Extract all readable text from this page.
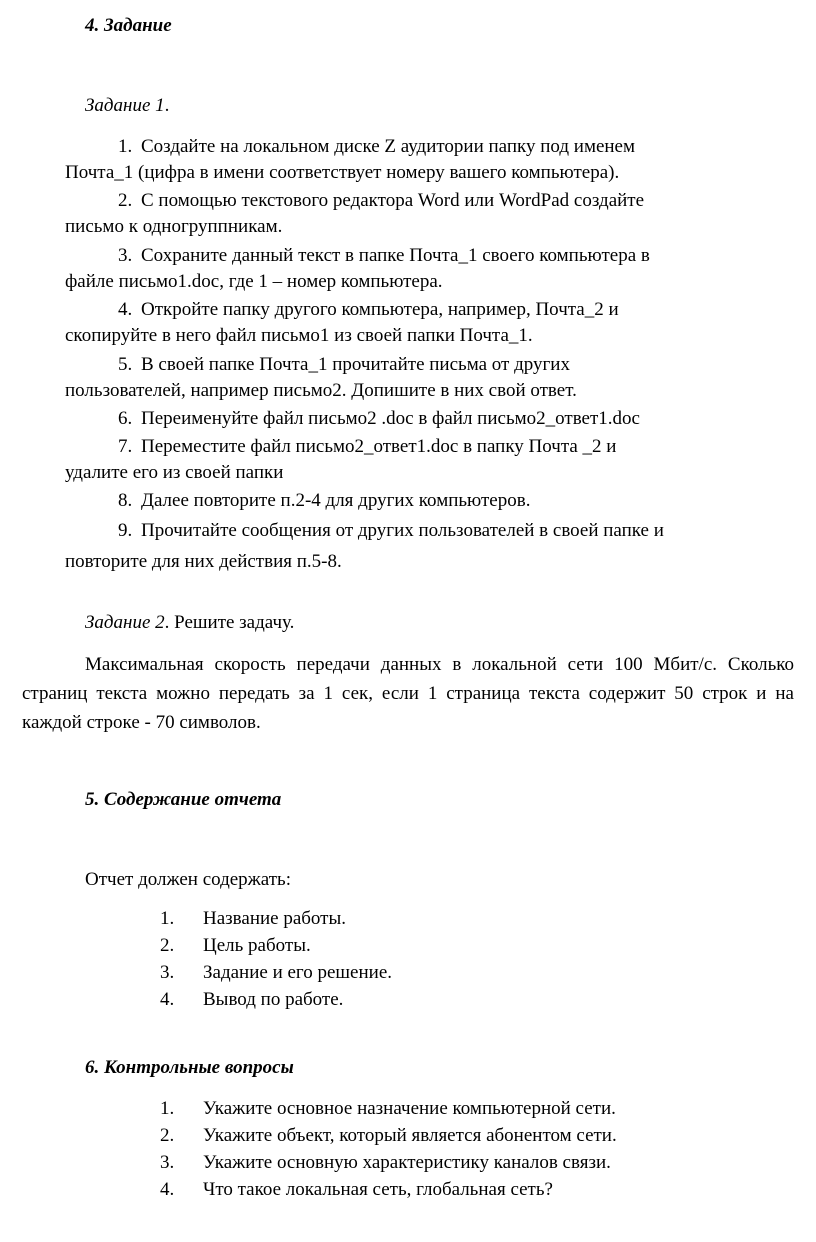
4. Задание

Задание 1.

1. Создайте на локальном диске Z аудитории папку под именем
Почта_1 (цифра в имени соответствует номеру вашего компьютера).

2. С помощью текстового редактора Word или WordPad создайте
письмо к одногруппникам.

3. Сохраните данный текст в папке Почта_1 своего компьютера в
файле письмо1.doc, где 1 – номер компьютера.

4. Откройте папку другого компьютера, например, Почта_2 и
скопируйте в него файл письмо1 из своей папки Почта_1.

5. В своей папке Почта_1 прочитайте письма от других
пользователей, например письмо2. Допишите в них свой ответ.

6. Переименуйте файл письмо2 .doc в файл письмо2_ответ1.doc

7. Переместите файл письмо2_ответ1.doc в папку Почта _2 и
удалите его из своей папки

8. Далее повторите п.2-4 для других компьютеров.

9. Прочитайте сообщения от других пользователей в своей папке и
повторите для них действия п.5-8.

Задание 2. Решите задачу.

Максимальная скорость передачи данных в локальной сети 100 Мбит/с. Сколько страниц текста можно передать за 1 сек, если 1 страница текста содержит 50 строк и на каждой строке - 70 символов.

5. Содержание отчета

Отчет должен содержать:

1.	Название работы.
2.	Цель работы.
3.	Задание и его решение.
4.	Вывод по работе.
6. Контрольные вопросы
1.	Укажите основное назначение компьютерной сети.
2.	Укажите объект, который является абонентом сети.
3.	Укажите основную характеристику каналов связи.
4.	Что такое локальная сеть, глобальная сеть?
